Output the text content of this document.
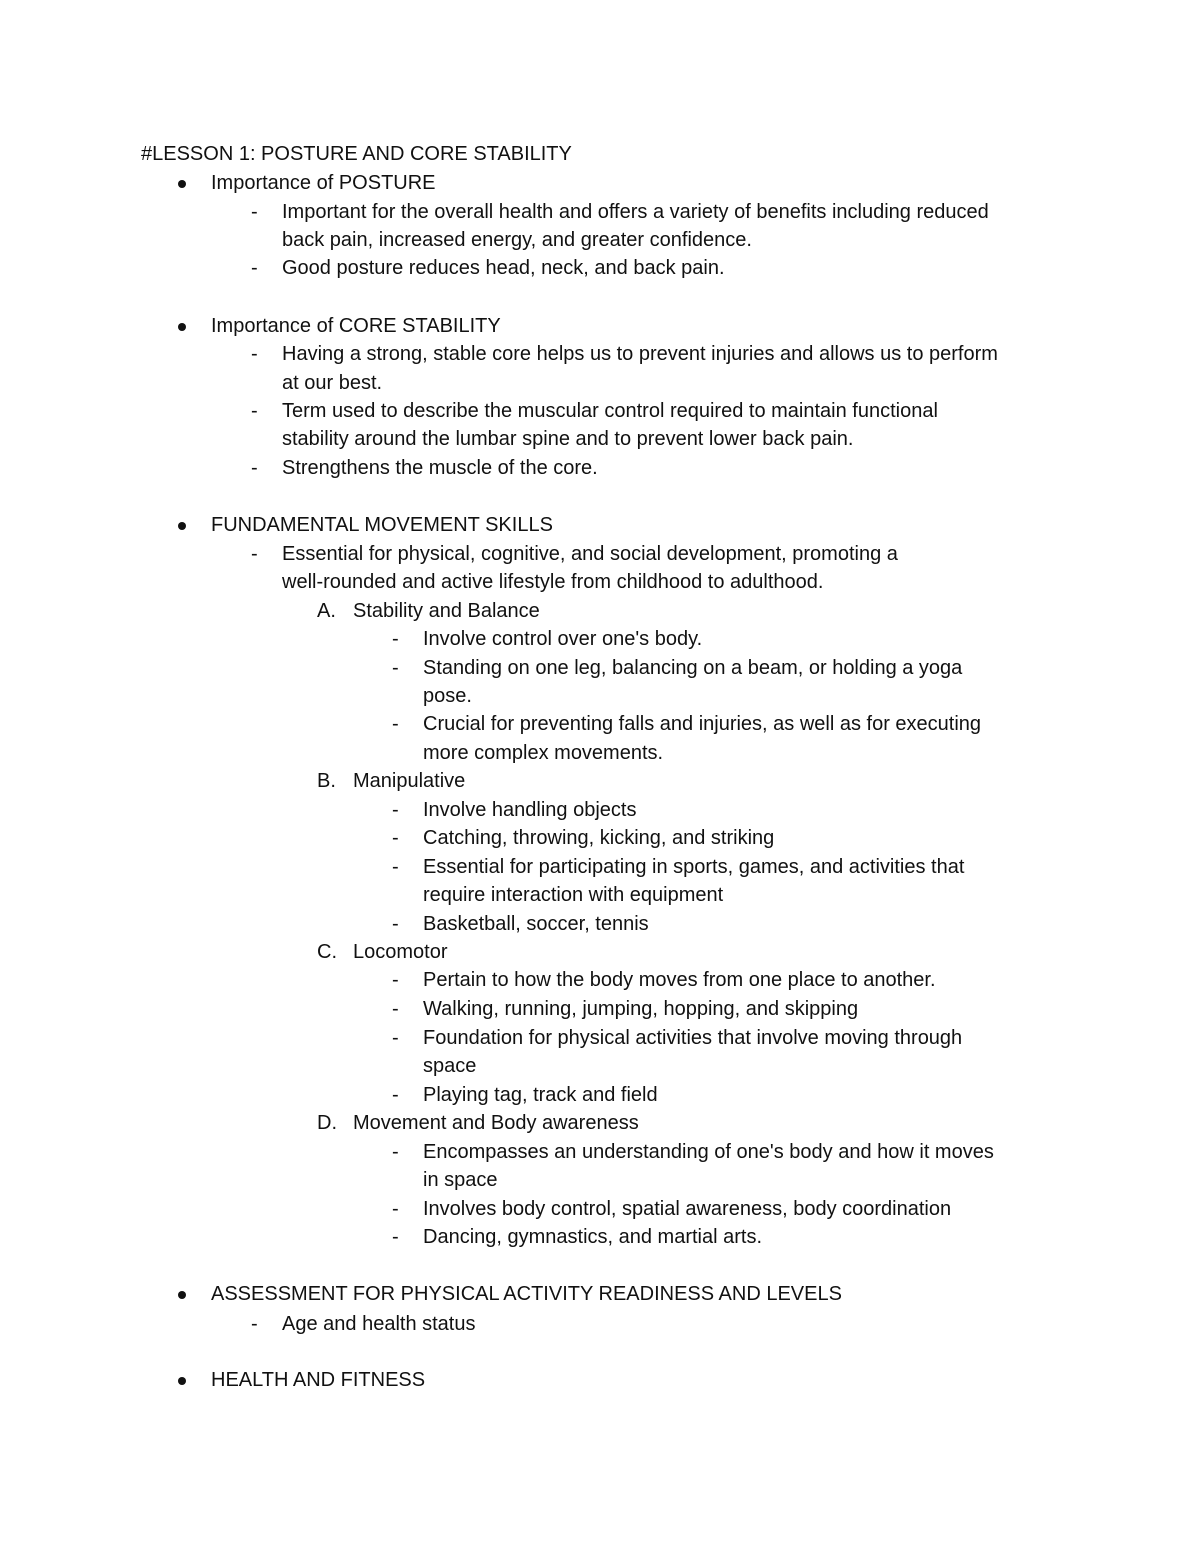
#LESSON 1: POSTURE AND CORE STABILITY
Importance of POSTURE
- Important for the overall health and offers a variety of benefits including reduced
back pain, increased energy, and greater confidence.
- Good posture reduces head, neck, and back pain.
Importance of CORE STABILITY
- Having a strong, stable core helps us to prevent injuries and allows us to perform
at our best.
- Term used to describe the muscular control required to maintain functional
stability around the lumbar spine and to prevent lower back pain.
- Strengthens the muscle of the core.
FUNDAMENTAL MOVEMENT SKILLS
- Essential for physical, cognitive, and social development, promoting a
well-rounded and active lifestyle from childhood to adulthood.
A. Stability and Balance
- Involve control over one's body.
- Standing on one leg, balancing on a beam, or holding a yoga
pose.
- Crucial for preventing falls and injuries, as well as for executing
more complex movements.
B. Manipulative
- Involve handling objects
- Catching, throwing, kicking, and striking
- Essential for participating in sports, games, and activities that
require interaction with equipment
- Basketball, soccer, tennis
C. Locomotor
- Pertain to how the body moves from one place to another.
- Walking, running, jumping, hopping, and skipping
- Foundation for physical activities that involve moving through
space
- Playing tag, track and field
D. Movement and Body awareness
- Encompasses an understanding of one's body and how it moves
in space
- Involves body control, spatial awareness, body coordination
- Dancing, gymnastics, and martial arts.
ASSESSMENT FOR PHYSICAL ACTIVITY READINESS AND LEVELS
- Age and health status
HEALTH AND FITNESS
